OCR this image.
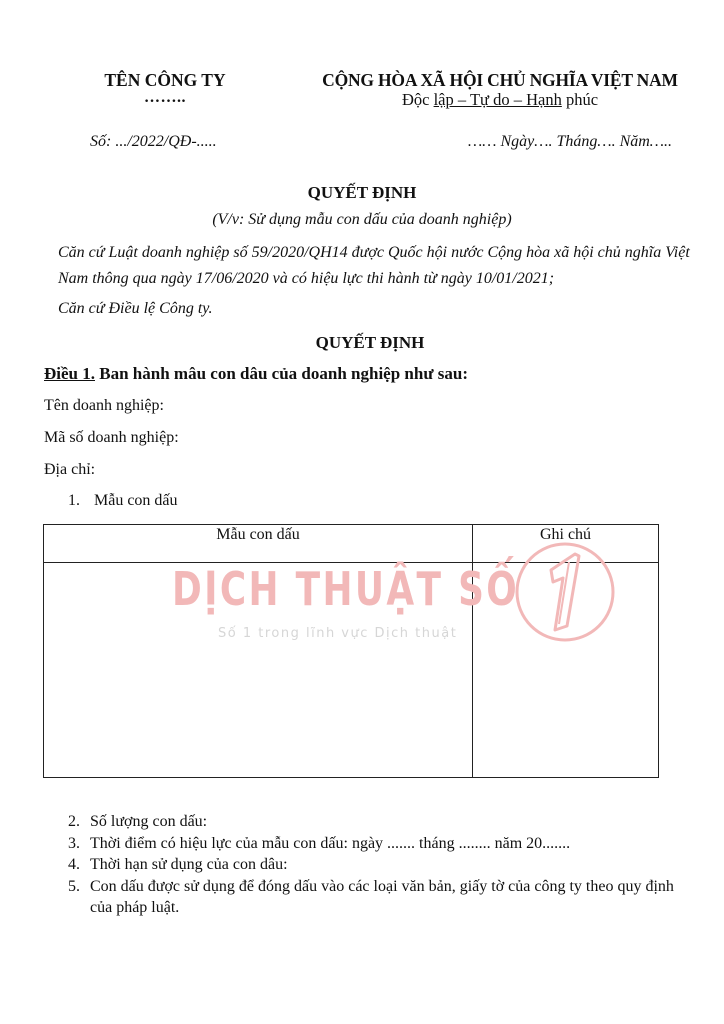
TÊN CÔNG TY
……..
CỘNG HÒA XÃ HỘI CHỦ NGHĨA VIỆT NAM
Độc lập – Tự do – Hạnh phúc
Số: .../2022/QĐ-.....	…… Ngày…. Tháng…. Năm…..
QUYẾT ĐỊNH
(V/v: Sử dụng mẫu con dấu của doanh nghiệp)
Căn cứ Luật doanh nghiệp số 59/2020/QH14 được Quốc hội nước Cộng hòa xã hội chủ nghĩa Việt Nam thông qua ngày 17/06/2020 và có hiệu lực thi hành từ ngày 10/01/2021;
Căn cứ Điều lệ Công ty.
QUYẾT ĐỊNH
Điều 1. Ban hành mâu con dâu của doanh nghiệp như sau:
Tên doanh nghiệp:
Mã số doanh nghiệp:
Địa chỉ:
1. Mẫu con dấu
Mẫu con dấu	Ghi chú

DỊCH THUẬT SỐ
Số 1 trong lĩnh vực Dịch thuật
2. Số lượng con dấu:
3. Thời điểm có hiệu lực của mẫu con dấu: ngày ....... tháng ........ năm 20.......
4. Thời hạn sử dụng của con dâu:
5. Con dấu được sử dụng để đóng dấu vào các loại văn bản, giấy tờ của công ty theo quy định của pháp luật.
